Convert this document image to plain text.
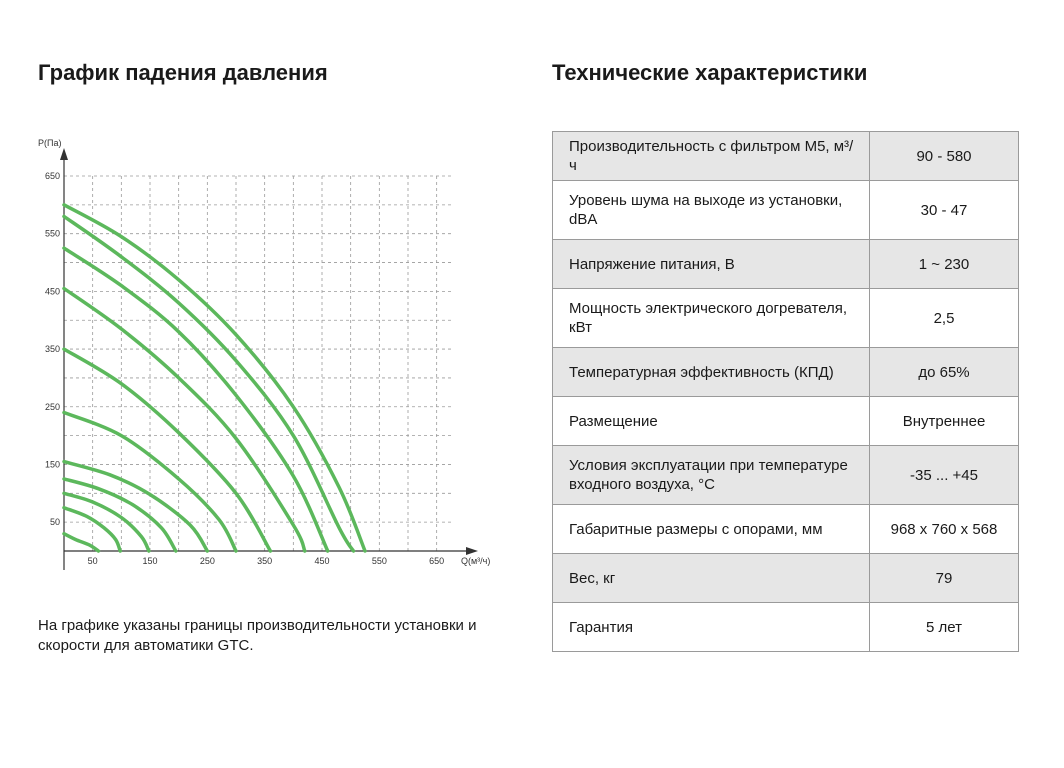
График падения давления	Технические характеристики
P(Па)
Q(м³/ч)
50	150	250	350	450	550	650
50
150
250
350
450
550
650
На графике указаны границы производительности установки и скорости для автоматики GTC.
Производительность с фильтром М5, м³/ч	90 - 580
Уровень шума на выходе из установки, dBA	30 - 47
Напряжение питания, В	1 ~ 230
Мощность электрического догревателя, кВт	2,5
Температурная эффективность (КПД)	до 65%
Размещение	Внутреннее
Условия эксплуатации при температуре входного воздуха, °С	-35 ... +45
Габаритные размеры с опорами, мм	968 x 760 x 568
Вес, кг	79
Гарантия	5 лет
